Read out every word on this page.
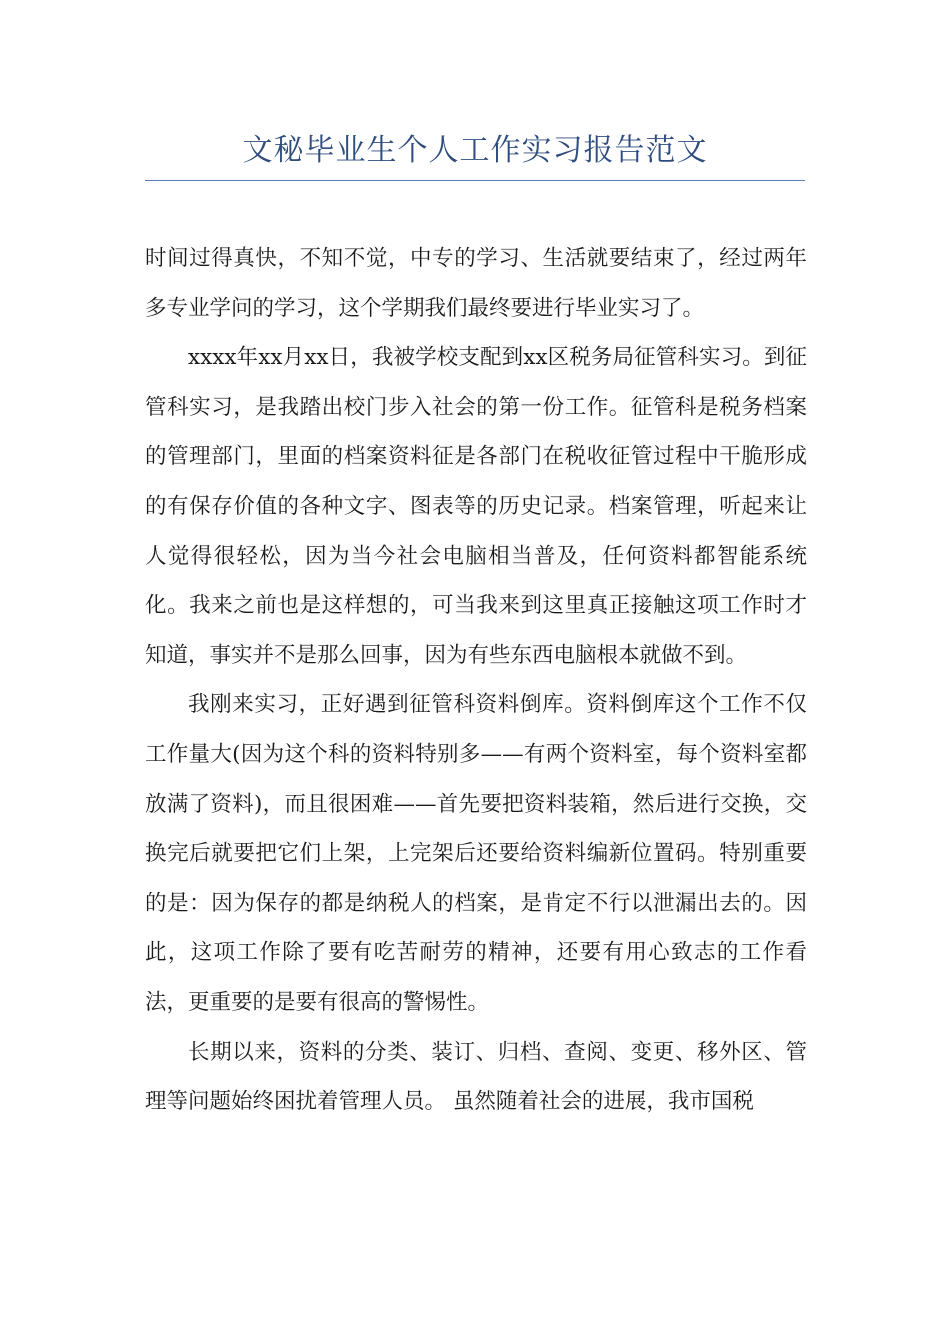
文秘毕业生个人工作实习报告范文

时间过得真快，不知不觉，中专的学习、生活就要结束了，经过两年多专业学问的学习，这个学期我们最终要进行毕业实习了。

xxxx年xx月xx日，我被学校支配到xx区税务局征管科实习。到征管科实习，是我踏出校门步入社会的第一份工作。征管科是税务档案的管理部门，里面的档案资料征是各部门在税收征管过程中干脆形成的有保存价值的各种文字、图表等的历史记录。档案管理，听起来让人觉得很轻松，因为当今社会电脑相当普及，任何资料都智能系统化。我来之前也是这样想的，可当我来到这里真正接触这项工作时才知道，事实并不是那么回事，因为有些东西电脑根本就做不到。

我刚来实习，正好遇到征管科资料倒库。资料倒库这个工作不仅工作量大(因为这个科的资料特别多——有两个资料室，每个资料室都放满了资料)，而且很困难——首先要把资料装箱，然后进行交换，交换完后就要把它们上架，上完架后还要给资料编新位置码。特别重要的是：因为保存的都是纳税人的档案，是肯定不行以泄漏出去的。因此，这项工作除了要有吃苦耐劳的精神，还要有用心致志的工作看法，更重要的是要有很高的警惕性。

长期以来，资料的分类、装订、归档、查阅、变更、移外区、管理等问题始终困扰着管理人员。 虽然随着社会的进展，我市国税
